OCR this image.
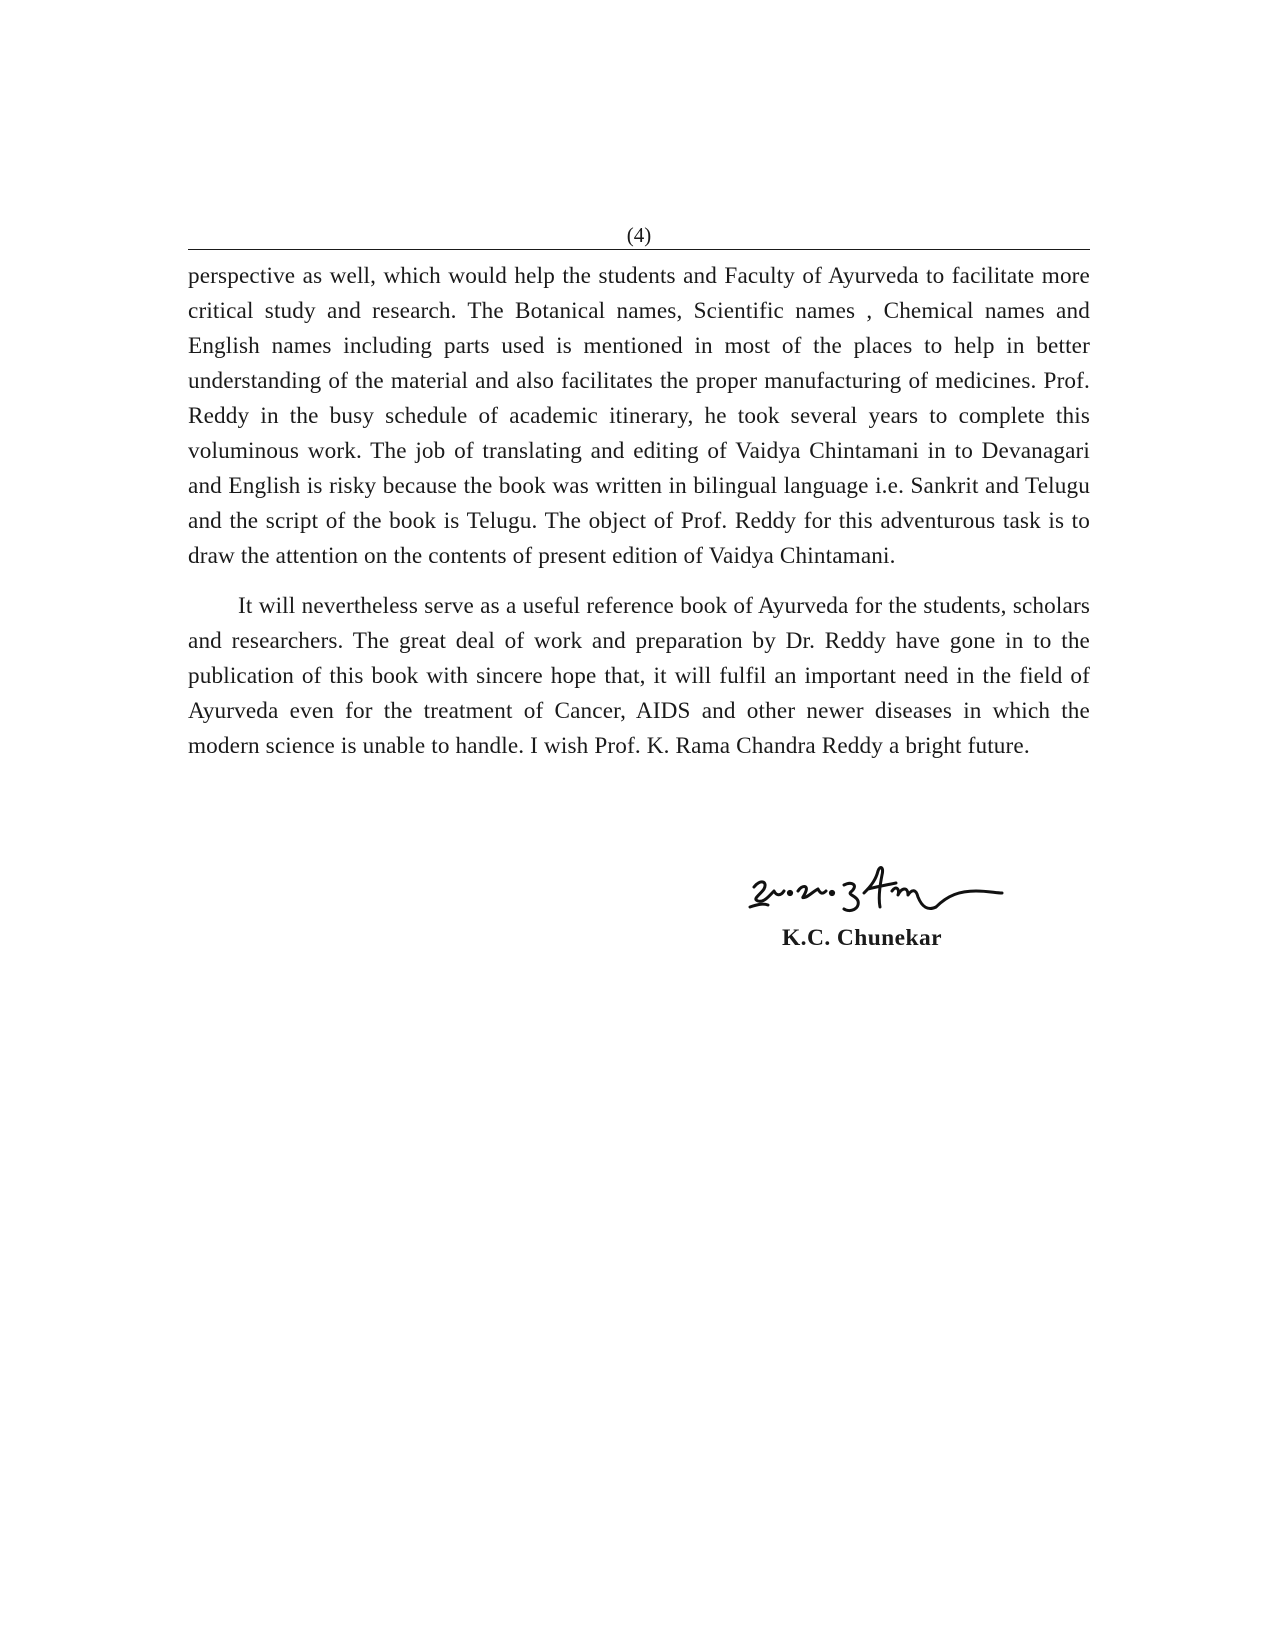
(4)

perspective as well, which would help the students and Faculty of Ayurveda to facilitate more critical study and research. The Botanical names, Scientific names , Chemical names and English names including parts used is mentioned in most of the places to help in better understanding of the material and also facilitates the proper manufacturing of medicines. Prof. Reddy in the busy schedule of academic itinerary, he took several years to complete this voluminous work. The job of translating and editing of Vaidya Chintamani in to Devanagari and English is risky because the book was written in bilingual language i.e. Sankrit and Telugu and the script of the book is Telugu. The object of Prof. Reddy for this adventurous task is to draw the attention on the contents of present edition of Vaidya Chintamani.

It will nevertheless serve as a useful reference book of Ayurveda for the students, scholars and researchers. The great deal of work and preparation by Dr. Reddy have gone in to the publication of this book with sincere hope that, it will fulfil an important need in the field of Ayurveda even for the treatment of Cancer, AIDS and other newer diseases in which the modern science is unable to handle. I wish Prof. K. Rama Chandra Reddy a bright future.

K.C. Chunekar
